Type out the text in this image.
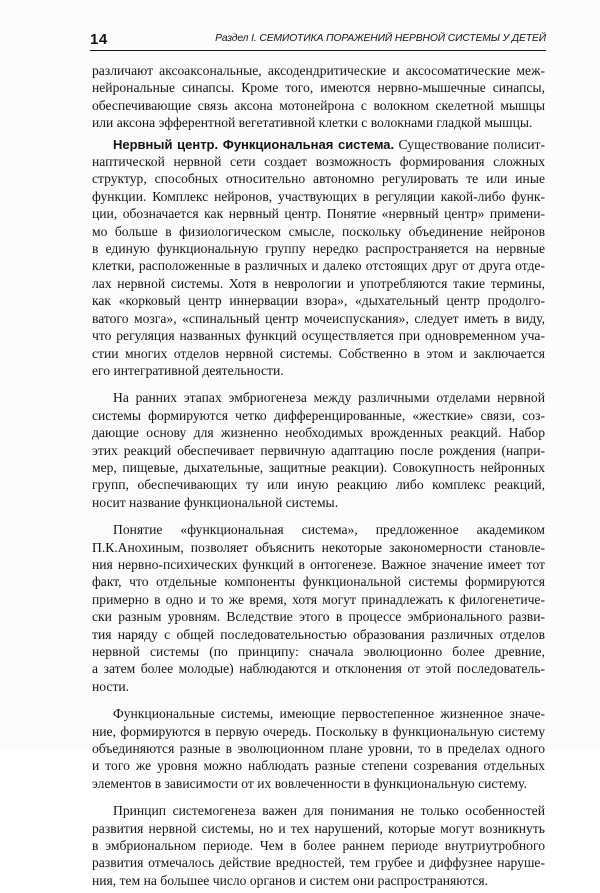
14	Раздел I. СЕМИОТИКА ПОРАЖЕНИЙ НЕРВНОЙ СИСТЕМЫ У ДЕТЕЙ

различают аксоаксональные, аксодендритические и аксосоматические меж-
нейрональные синапсы. Кроме того, имеются нервно-мышечные синапсы,
обеспечивающие связь аксона мотонейрона с волокном скелетной мышцы
или аксона эфферентной вегетативной клетки с волокнами гладкой мышцы.

Нервный центр. Функциональная система. Существование полисит-
наптической нервной сети создает возможность формирования сложных
структур, способных относительно автономно регулировать те или иные
функции. Комплекс нейронов, участвующих в регуляции какой-либо функ-
ции, обозначается как нервный центр. Понятие «нервный центр» примени-
мо больше в физиологическом смысле, поскольку объединение нейронов
в единую функциональную группу нередко распространяется на нервные
клетки, расположенные в различных и далеко отстоящих друг от друга отде-
лах нервной системы. Хотя в неврологии и употребляются такие термины,
как «корковый центр иннервации взора», «дыхательный центр продолго-
ватого мозга», «спинальный центр мочеиспускания», следует иметь в виду,
что регуляция названных функций осуществляется при одновременном уча-
стии многих отделов нервной системы. Собственно в этом и заключается
его интегративной деятельности.

На ранних этапах эмбриогенеза между различными отделами нервной
системы формируются четко дифференцированные, «жесткие» связи, соз-
дающие основу для жизненно необходимых врожденных реакций. Набор
этих реакций обеспечивает первичную адаптацию после рождения (напри-
мер, пищевые, дыхательные, защитные реакции). Совокупность нейронных
групп, обеспечивающих ту или иную реакцию либо комплекс реакций,
носит название функциональной системы.

Понятие «функциональная система», предложенное академиком
П.К.Анохиным, позволяет объяснить некоторые закономерности становле-
ния нервно-психических функций в онтогенезе. Важное значение имеет тот
факт, что отдельные компоненты функциональной системы формируются
примерно в одно и то же время, хотя могут принадлежать к филогенетиче-
ски разным уровням. Вследствие этого в процессе эмбрионального разви-
тия наряду с общей последовательностью образования различных отделов
нервной системы (по принципу: сначала эволюционно более древние,
а затем более молодые) наблюдаются и отклонения от этой последователь-
ности.

Функциональные системы, имеющие первостепенное жизненное значе-
ние, формируются в первую очередь. Поскольку в функциональную систему
объединяются разные в эволюционном плане уровни, то в пределах одного
и того же уровня можно наблюдать разные степени созревания отдельных
элементов в зависимости от их вовлеченности в функциональную систему.

Принцип системогенеза важен для понимания не только особенностей
развития нервной системы, но и тех нарушений, которые могут возникнуть
в эмбриональном периоде. Чем в более раннем периоде внутриутробного
развития отмечалось действие вредностей, тем грубее и диффузнее наруше-
ния, тем на большее число органов и систем они распространяются.
